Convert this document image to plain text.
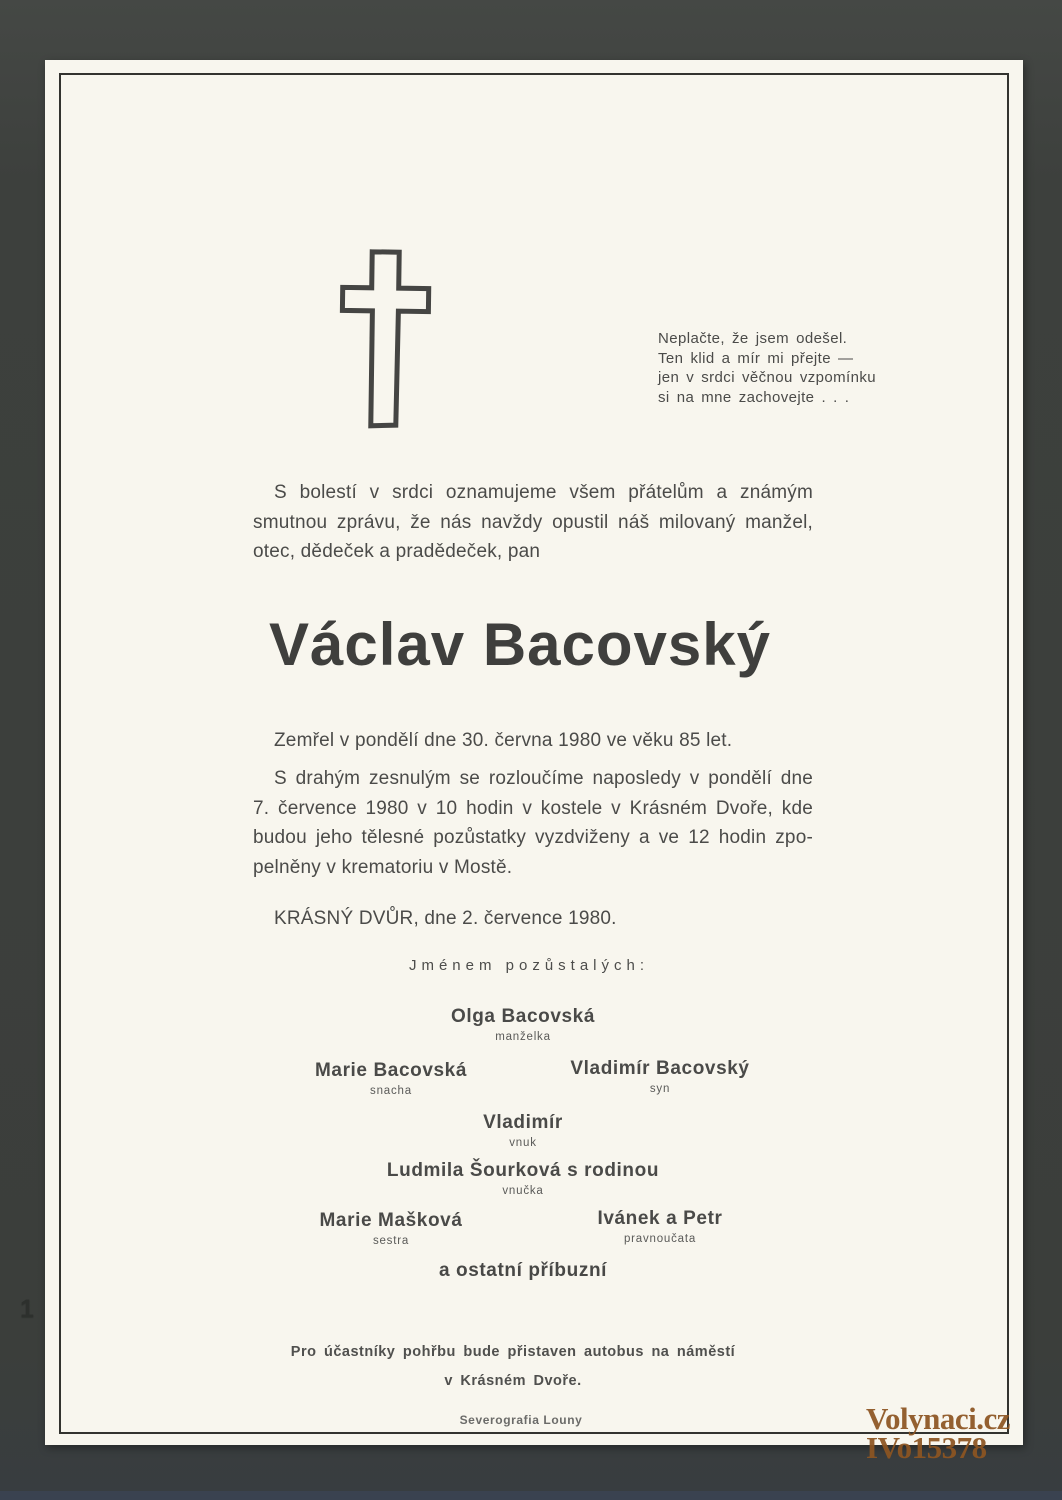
Neplačte, že jsem odešel.
Ten klid a mír mi přejte —
jen v srdci věčnou vzpomínku
si na mne zachovejte . . .
S bolestí v srdci oznamujeme všem přátelům a známým
smutnou zprávu, že nás navždy opustil náš milovaný manžel,
otec, dědeček a pradědeček, pan
Václav Bacovský
Zemřel v pondělí dne 30. června 1980 ve věku 85 let.
S drahým zesnulým se rozloučíme naposledy v pondělí dne
7. července 1980 v 10 hodin v kostele v Krásném Dvoře, kde
budou jeho tělesné pozůstatky vyzdviženy a ve 12 hodin zpo-
pelněny v krematoriu v Mostě.
KRÁSNÝ DVŮR, dne 2. července 1980.
Jménem pozůstalých:
Olga Bacovská
manželka
Marie Bacovská
snacha
Vladimír Bacovský
syn
Vladimír
vnuk
Ludmila Šourková s rodinou
vnučka
Marie Mašková
sestra
Ivánek a Petr
pravnoučata
a ostatní příbuzní
Pro účastníky pohřbu bude přistaven autobus na náměstí
v Krásném Dvoře.
Severografia Louny
1
Volynaci.cz
IVo15378
